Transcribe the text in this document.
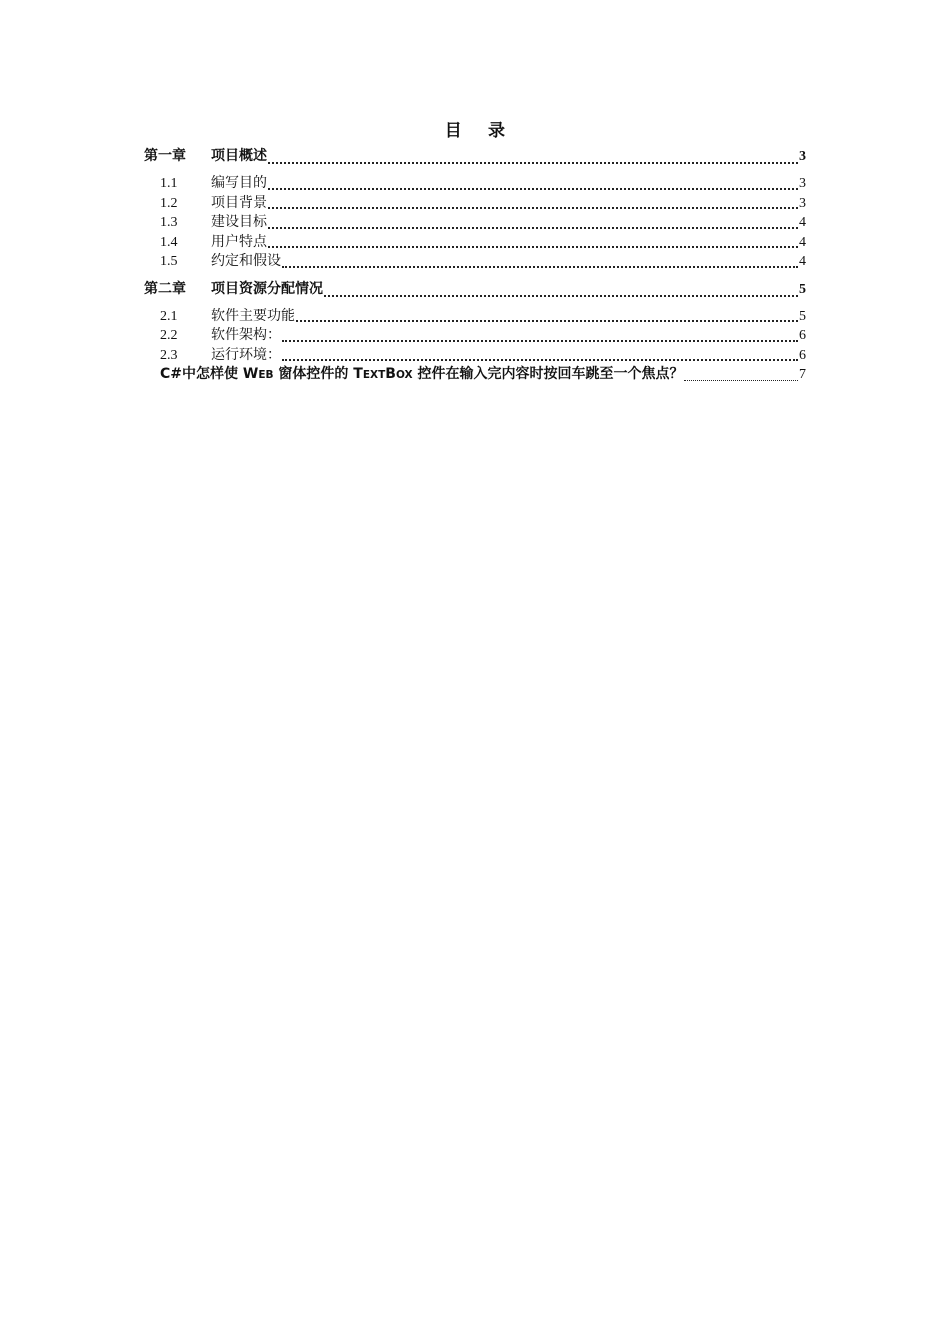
目 录
第一章	项目概述	3
1.1	编写目的	3
1.2	项目背景	3
1.3	建设目标	4
1.4	用户特点	4
1.5	约定和假设	4
第二章	项目资源分配情况	5
2.1	软件主要功能	5
2.2	软件架构：	6
2.3	运行环境：	6
C#中怎样使 WEB 窗体控件的 TEXTBOX 控件在输入完内容时按回车跳至一个焦点？	7
